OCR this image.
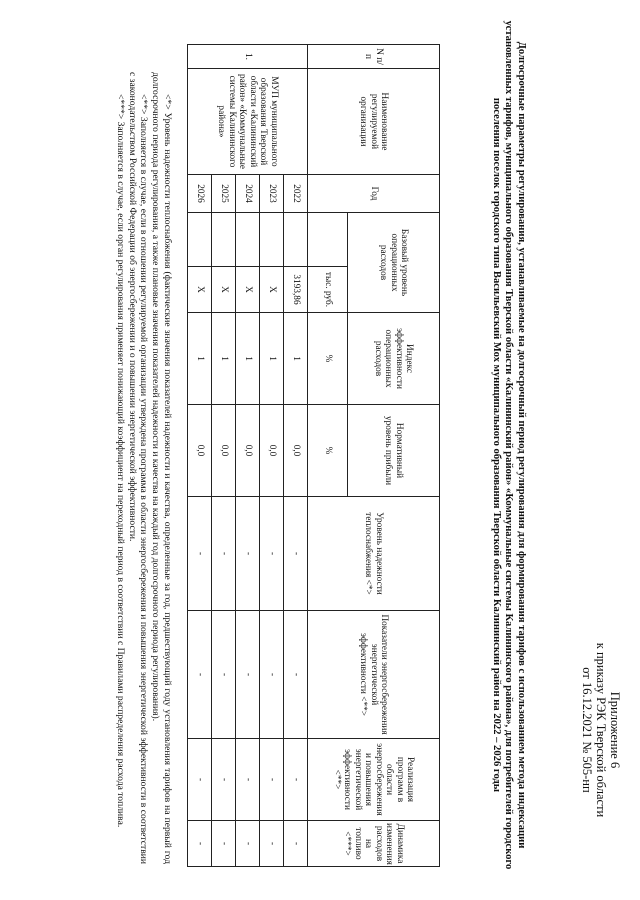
Приложение 6
к приказу РЭК Тверской области
от 16.12.2021 № 505-нп
Долгосрочные параметры регулирования, устанавливаемые на долгосрочный период регулирования для формирования тарифов с использованием метода индексации установленных тарифов, муниципального образования Тверской области «Калининский район» «Коммунальные системы Калининского района», для потребителей городского поселения поселок городского типа Васильевский Мох муниципального образования Тверской области Калининский район на 2022 – 2026 годы
N п/п	Наименование регулируемой организации	Год	Базовый уровень операционных расходов		Индекс эффективности операционных расходов	Нормативный уровень прибыли	Уровень надежности теплоснабжения <*>	Показатели энергосбережения энергетической эффективности <**>	Реализация программ в области энергосбережения и повышения энергетической эффективности <**>	Динамика изменения расходов на топливо <***>
				тыс. руб.	%	%				
1.	МУП муниципального образования Тверской области «Калининский район» «Коммунальные системы Калининского района»	2022		3193,86	1	0,0	-	-	-	-
		2023		Х	1	0,0	-	-	-	-
		2024		Х	1	0,0	-	-	-	-
		2025		Х	1	0,0	-	-	-	-
		2026		Х	1	0,0	-	-	-	-

<*> Уровень надежности теплоснабжения (фактические значения показателей надежности и качества, определенные за год, предшествующий году установления тарифов на первый год долгосрочного периода регулирования, а также плановые значения показателей надежности и качества на каждый год долгосрочного периода регулирования).

<**> Заполняется в случае, если в отношении регулируемой организации утверждена программа в области энергосбережения и повышения энергетической эффективности в соответствии с законодательством Российской Федерации об энергосбережении и о повышении энергетической эффективности.

<***> Заполняется в случае, если орган регулирования применяет понижающий коэффициент на переходный период в соответствии с Правилами распределения расхода топлива.
